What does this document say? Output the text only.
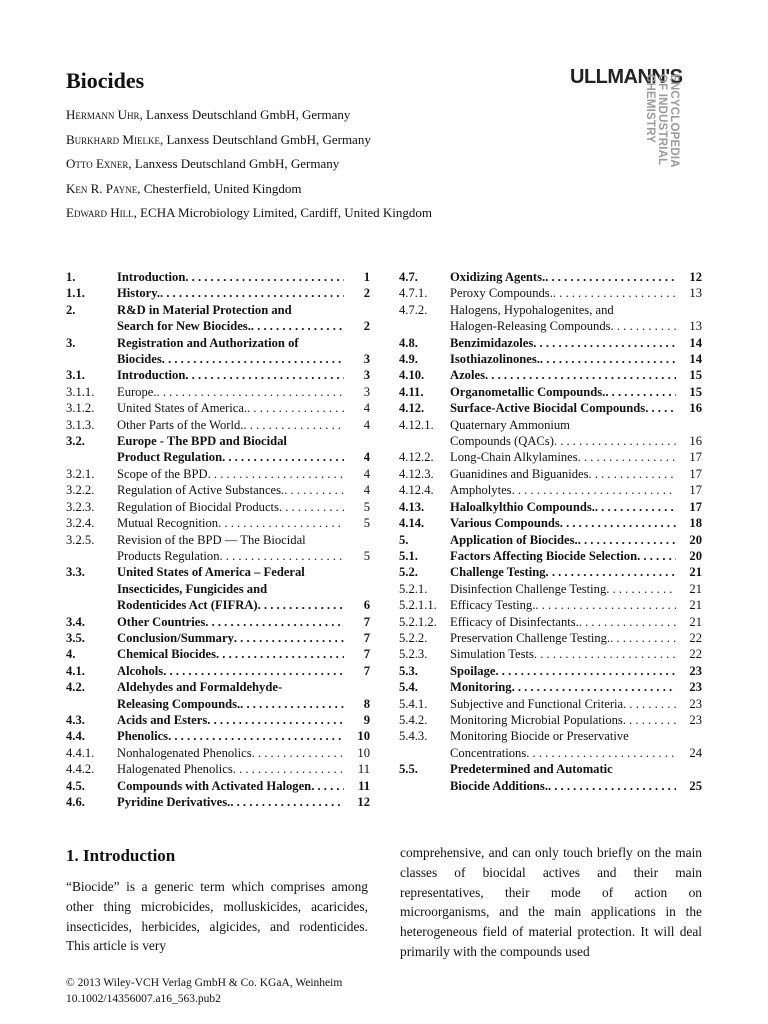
Biocides	ULLMANN'S
ENCYCLOPEDIA
OF INDUSTRIAL
CHEMISTRY
Hermann Uhr, Lanxess Deutschland GmbH, Germany
Burkhard Mielke, Lanxess Deutschland GmbH, Germany
Otto Exner, Lanxess Deutschland GmbH, Germany
Ken R. Payne, Chesterfield, United Kingdom
Edward Hill, ECHA Microbiology Limited, Cardiff, United Kingdom
1.	Introduction . . .	1
1.1.	History. . . .	2
2.	R&D in Material Protection and
Search for New Biocides. . . .	2
3.	Registration and Authorization of
Biocides . . .	3
3.1.	Introduction . . .	3
3.1.1. Europe. . . .	3
3.1.2. United States of America. . . .	4
3.1.3. Other Parts of the World. . . .	4
3.2.	Europe - The BPD and Biocidal
Product Regulation . . .	4
3.2.1. Scope of the BPD . . .	4
3.2.2. Regulation of Active Substances. . . .	4
3.2.3. Regulation of Biocidal Products . . .	5
3.2.4. Mutual Recognition . . .	5
3.2.5. Revision of the BPD — The Biocidal
Products Regulation . . .	5
3.3.	United States of America – Federal
Insecticides, Fungicides and
Rodenticides Act (FIFRA) . . .	6
3.4.	Other Countries . . .	7
3.5.	Conclusion/Summary . . .	7
4.	Chemical Biocides . . .	7
4.1.	Alcohols . . .	7
4.2.	Aldehydes and Formaldehyde-
Releasing Compounds. . . .	8
4.3.	Acids and Esters . . .	9
4.4.	Phenolics . . .	10
4.4.1. Nonhalogenated Phenolics . . .	10
4.4.2. Halogenated Phenolics . . .	11
4.5.	Compounds with Activated Halogen . . .	11
4.6.	Pyridine Derivatives. . . .	12
4.7.	Oxidizing Agents. . . .	12
4.7.1. Peroxy Compounds. . . .	13
4.7.2. Halogens, Hypohalogenites, and
Halogen-Releasing Compounds . . .	13
4.8.	Benzimidazoles . . .	14
4.9.	Isothiazolinones. . . .	14
4.10. Azoles . . .	15
4.11. Organometallic Compounds. . . .	15
4.12. Surface-Active Biocidal Compounds . . .	16
4.12.1. Quaternary Ammonium
Compounds (QACs) . . .	16
4.12.2. Long-Chain Alkylamines . . .	17
4.12.3. Guanidines and Biguanides . . .	17
4.12.4. Ampholytes . . .	17
4.13. Haloalkylthio Compounds. . . .	17
4.14. Various Compounds . . .	18
5.	Application of Biocides. . . .	20
5.1.	Factors Affecting Biocide Selection . . .	20
5.2.	Challenge Testing . . .	21
5.2.1. Disinfection Challenge Testing . . .	21
5.2.1.1. Efficacy Testing. . . .	21
5.2.1.2. Efficacy of Disinfectants. . . .	21
5.2.2. Preservation Challenge Testing. . . .	22
5.2.3. Simulation Tests . . .	22
5.3.	Spoilage . . .	23
5.4.	Monitoring . . .	23
5.4.1. Subjective and Functional Criteria . . .	23
5.4.2. Monitoring Microbial Populations . . .	23
5.4.3. Monitoring Biocide or Preservative
Concentrations . . .	24
5.5.	Predetermined and Automatic
Biocide Additions. . . .	25
1. Introduction
“Biocide” is a generic term which comprises among other thing microbicides, molluskicides, acaricides, insecticides, herbicides, algicides, and rodenticides. This article is very
comprehensive, and can only touch briefly on the main classes of biocidal actives and their main representatives, their mode of action on microorganisms, and the main applications in the heterogeneous field of material protection. It will deal primarily with the compounds used
© 2013 Wiley-VCH Verlag GmbH & Co. KGaA, Weinheim
10.1002/14356007.a16_563.pub2
